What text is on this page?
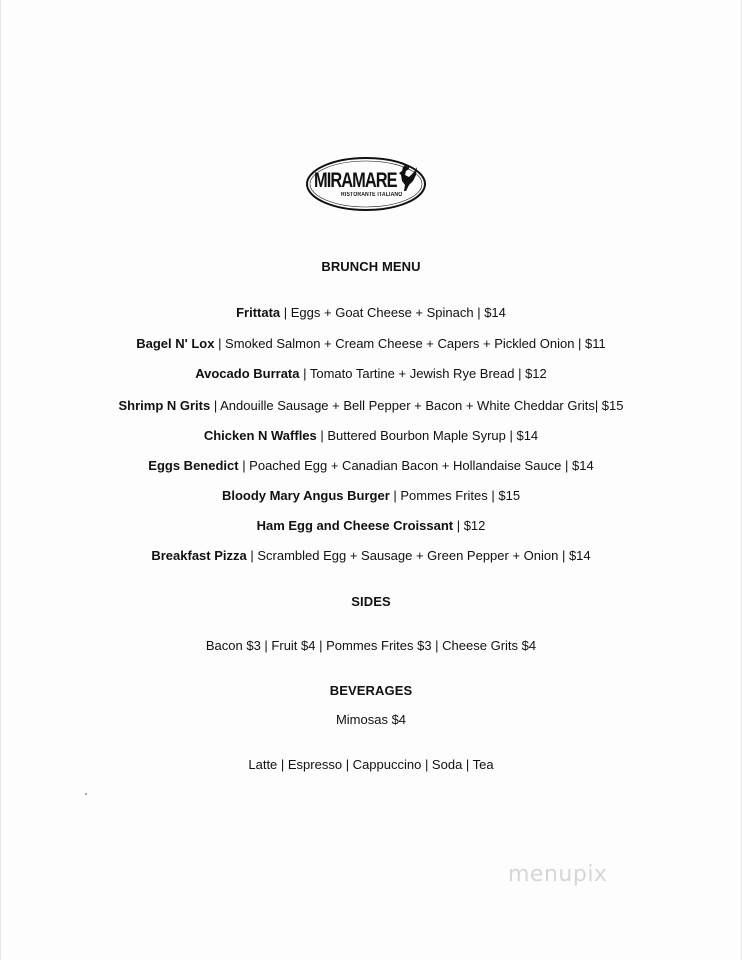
MIRAMARE
RISTORANTE ITALIANO
BRUNCH MENU
Frittata | Eggs + Goat Cheese + Spinach | $14
Bagel N' Lox | Smoked Salmon + Cream Cheese + Capers + Pickled Onion | $11
Avocado Burrata | Tomato Tartine + Jewish Rye Bread | $12
Shrimp N Grits | Andouille Sausage + Bell Pepper + Bacon + White Cheddar Grits| $15
Chicken N Waffles | Buttered Bourbon Maple Syrup | $14
Eggs Benedict | Poached Egg + Canadian Bacon + Hollandaise Sauce | $14
Bloody Mary Angus Burger | Pommes Frites | $15
Ham Egg and Cheese Croissant | $12
Breakfast Pizza | Scrambled Egg + Sausage + Green Pepper + Onion | $14
SIDES
Bacon $3 | Fruit $4 | Pommes Frites $3 | Cheese Grits $4
BEVERAGES
Mimosas $4
Latte | Espresso | Cappuccino | Soda | Tea
menupix
